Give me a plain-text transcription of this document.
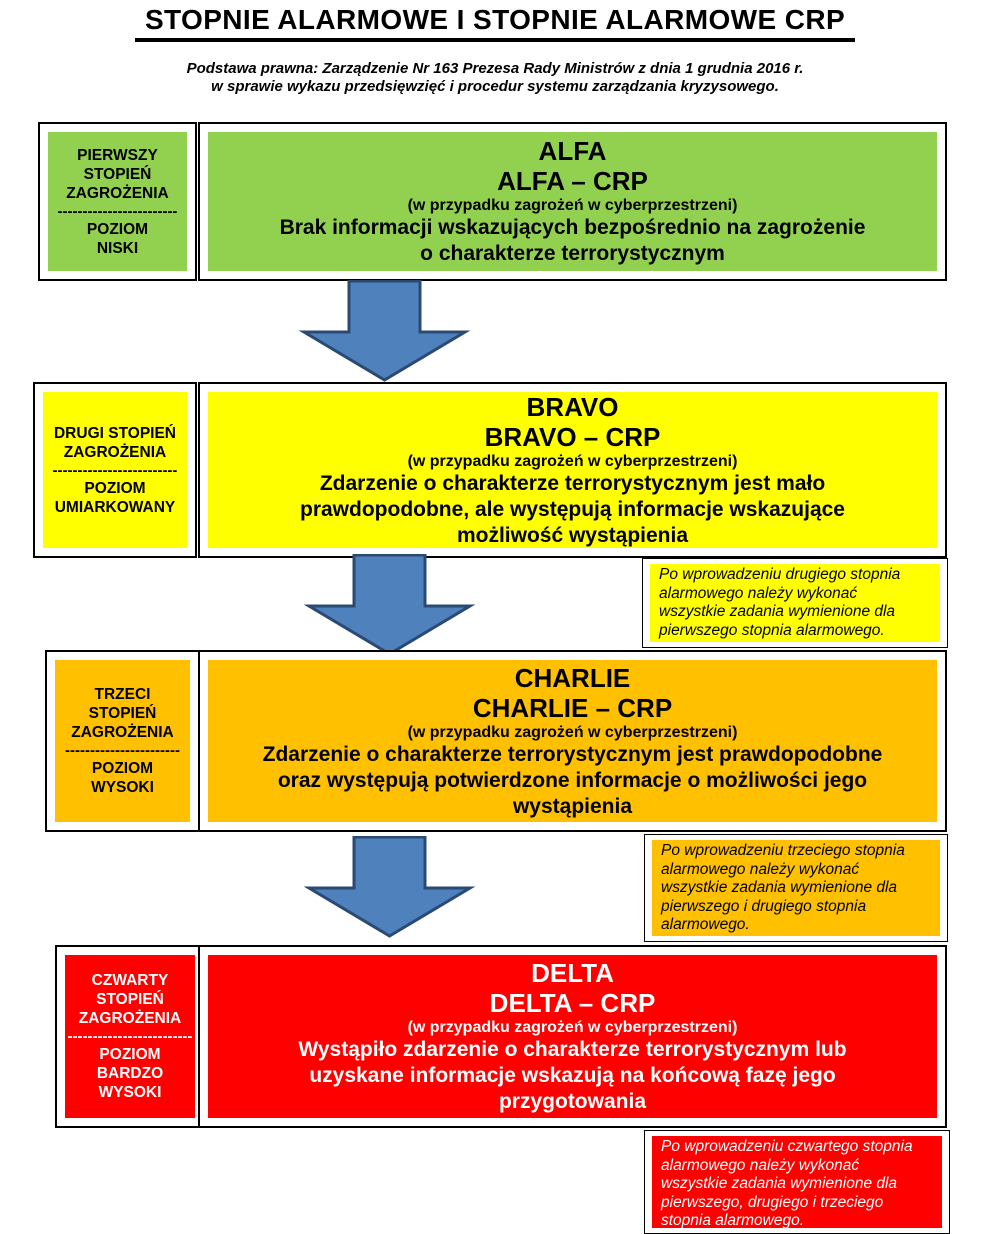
STOPNIE ALARMOWE I STOPNIE ALARMOWE CRP
Podstawa prawna: Zarządzenie Nr 163 Prezesa Rady Ministrów z dnia 1 grudnia 2016 r.
w sprawie wykazu przedsięwzięć i procedur systemu zarządzania kryzysowego.
PIERWSZY
STOPIEŃ
ZAGROŻENIA
------------------------
POZIOM
NISKI
ALFA
ALFA – CRP
(w przypadku zagrożeń w cyberprzestrzeni)
Brak informacji wskazujących bezpośrednio na zagrożenie
o charakterze terrorystycznym
DRUGI STOPIEŃ
ZAGROŻENIA
-------------------------
POZIOM
UMIARKOWANY
BRAVO
BRAVO – CRP
(w przypadku zagrożeń w cyberprzestrzeni)
Zdarzenie o charakterze terrorystycznym jest mało
prawdopodobne, ale występują informacje wskazujące
możliwość wystąpienia
Po wprowadzeniu drugiego stopnia
alarmowego należy wykonać
wszystkie zadania wymienione dla
pierwszego stopnia alarmowego.
TRZECI
STOPIEŃ
ZAGROŻENIA
-----------------------
POZIOM
WYSOKI
CHARLIE
CHARLIE – CRP
(w przypadku zagrożeń w cyberprzestrzeni)
Zdarzenie o charakterze terrorystycznym jest prawdopodobne
oraz występują potwierdzone informacje o możliwości jego
wystąpienia
Po wprowadzeniu trzeciego stopnia
alarmowego należy wykonać
wszystkie zadania wymienione dla
pierwszego i drugiego stopnia
alarmowego.
CZWARTY
STOPIEŃ
ZAGROŻENIA
-------------------------
POZIOM
BARDZO
WYSOKI
DELTA
DELTA – CRP
(w przypadku zagrożeń w cyberprzestrzeni)
Wystąpiło zdarzenie o charakterze terrorystycznym lub
uzyskane informacje wskazują na końcową fazę jego
przygotowania
Po wprowadzeniu czwartego stopnia
alarmowego należy wykonać
wszystkie zadania wymienione dla
pierwszego, drugiego i trzeciego
stopnia alarmowego.
